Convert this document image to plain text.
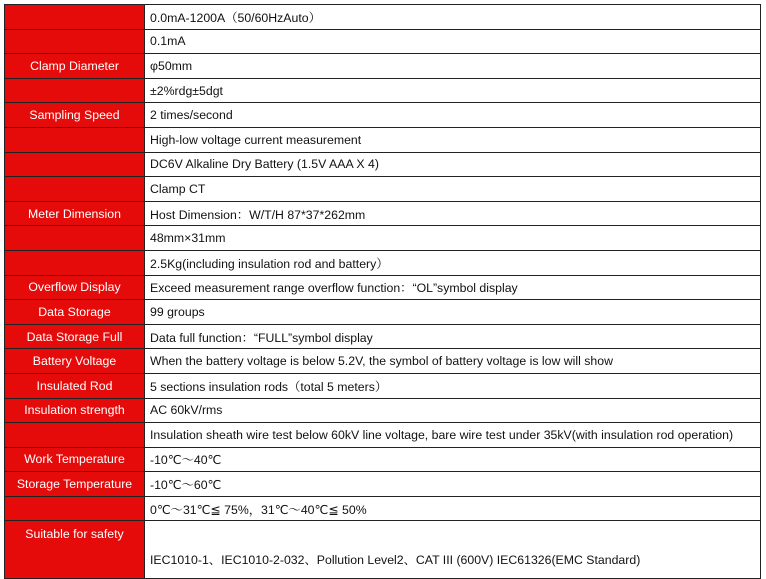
	0.0mA-1200A（50/60HzAuto）
	0.1mA
Clamp Diameter	φ50mm
	±2%rdg±5dgt
Sampling Speed	2 times/second
	High-low voltage current measurement
	DC6V Alkaline Dry Battery (1.5V AAA X 4)
	Clamp CT
Meter Dimension	Host Dimension：W/T/H 87*37*262mm
	48mm×31mm
	2.5Kg(including insulation rod and battery）
Overflow Display	Exceed measurement range overflow function：“OL”symbol display
Data Storage	99 groups
Data Storage Full	Data full function：“FULL”symbol display
Battery Voltage	When the battery voltage is below 5.2V, the symbol of battery voltage is low will show
Insulated Rod	5 sections insulation rods（total 5 meters）
Insulation strength	AC 60kV/rms
	Insulation sheath wire test below 60kV line voltage, bare wire test under 35kV(with insulation rod operation)
Work Temperature	-10℃～40℃
Storage Temperature	-10℃～60℃
	0℃～31℃≦ 75%，31℃～40℃≦ 50%
Suitable for safety	IEC1010-1、IEC1010-2-032、Pollution Level2、CAT III (600V) IEC61326(EMC Standard)
